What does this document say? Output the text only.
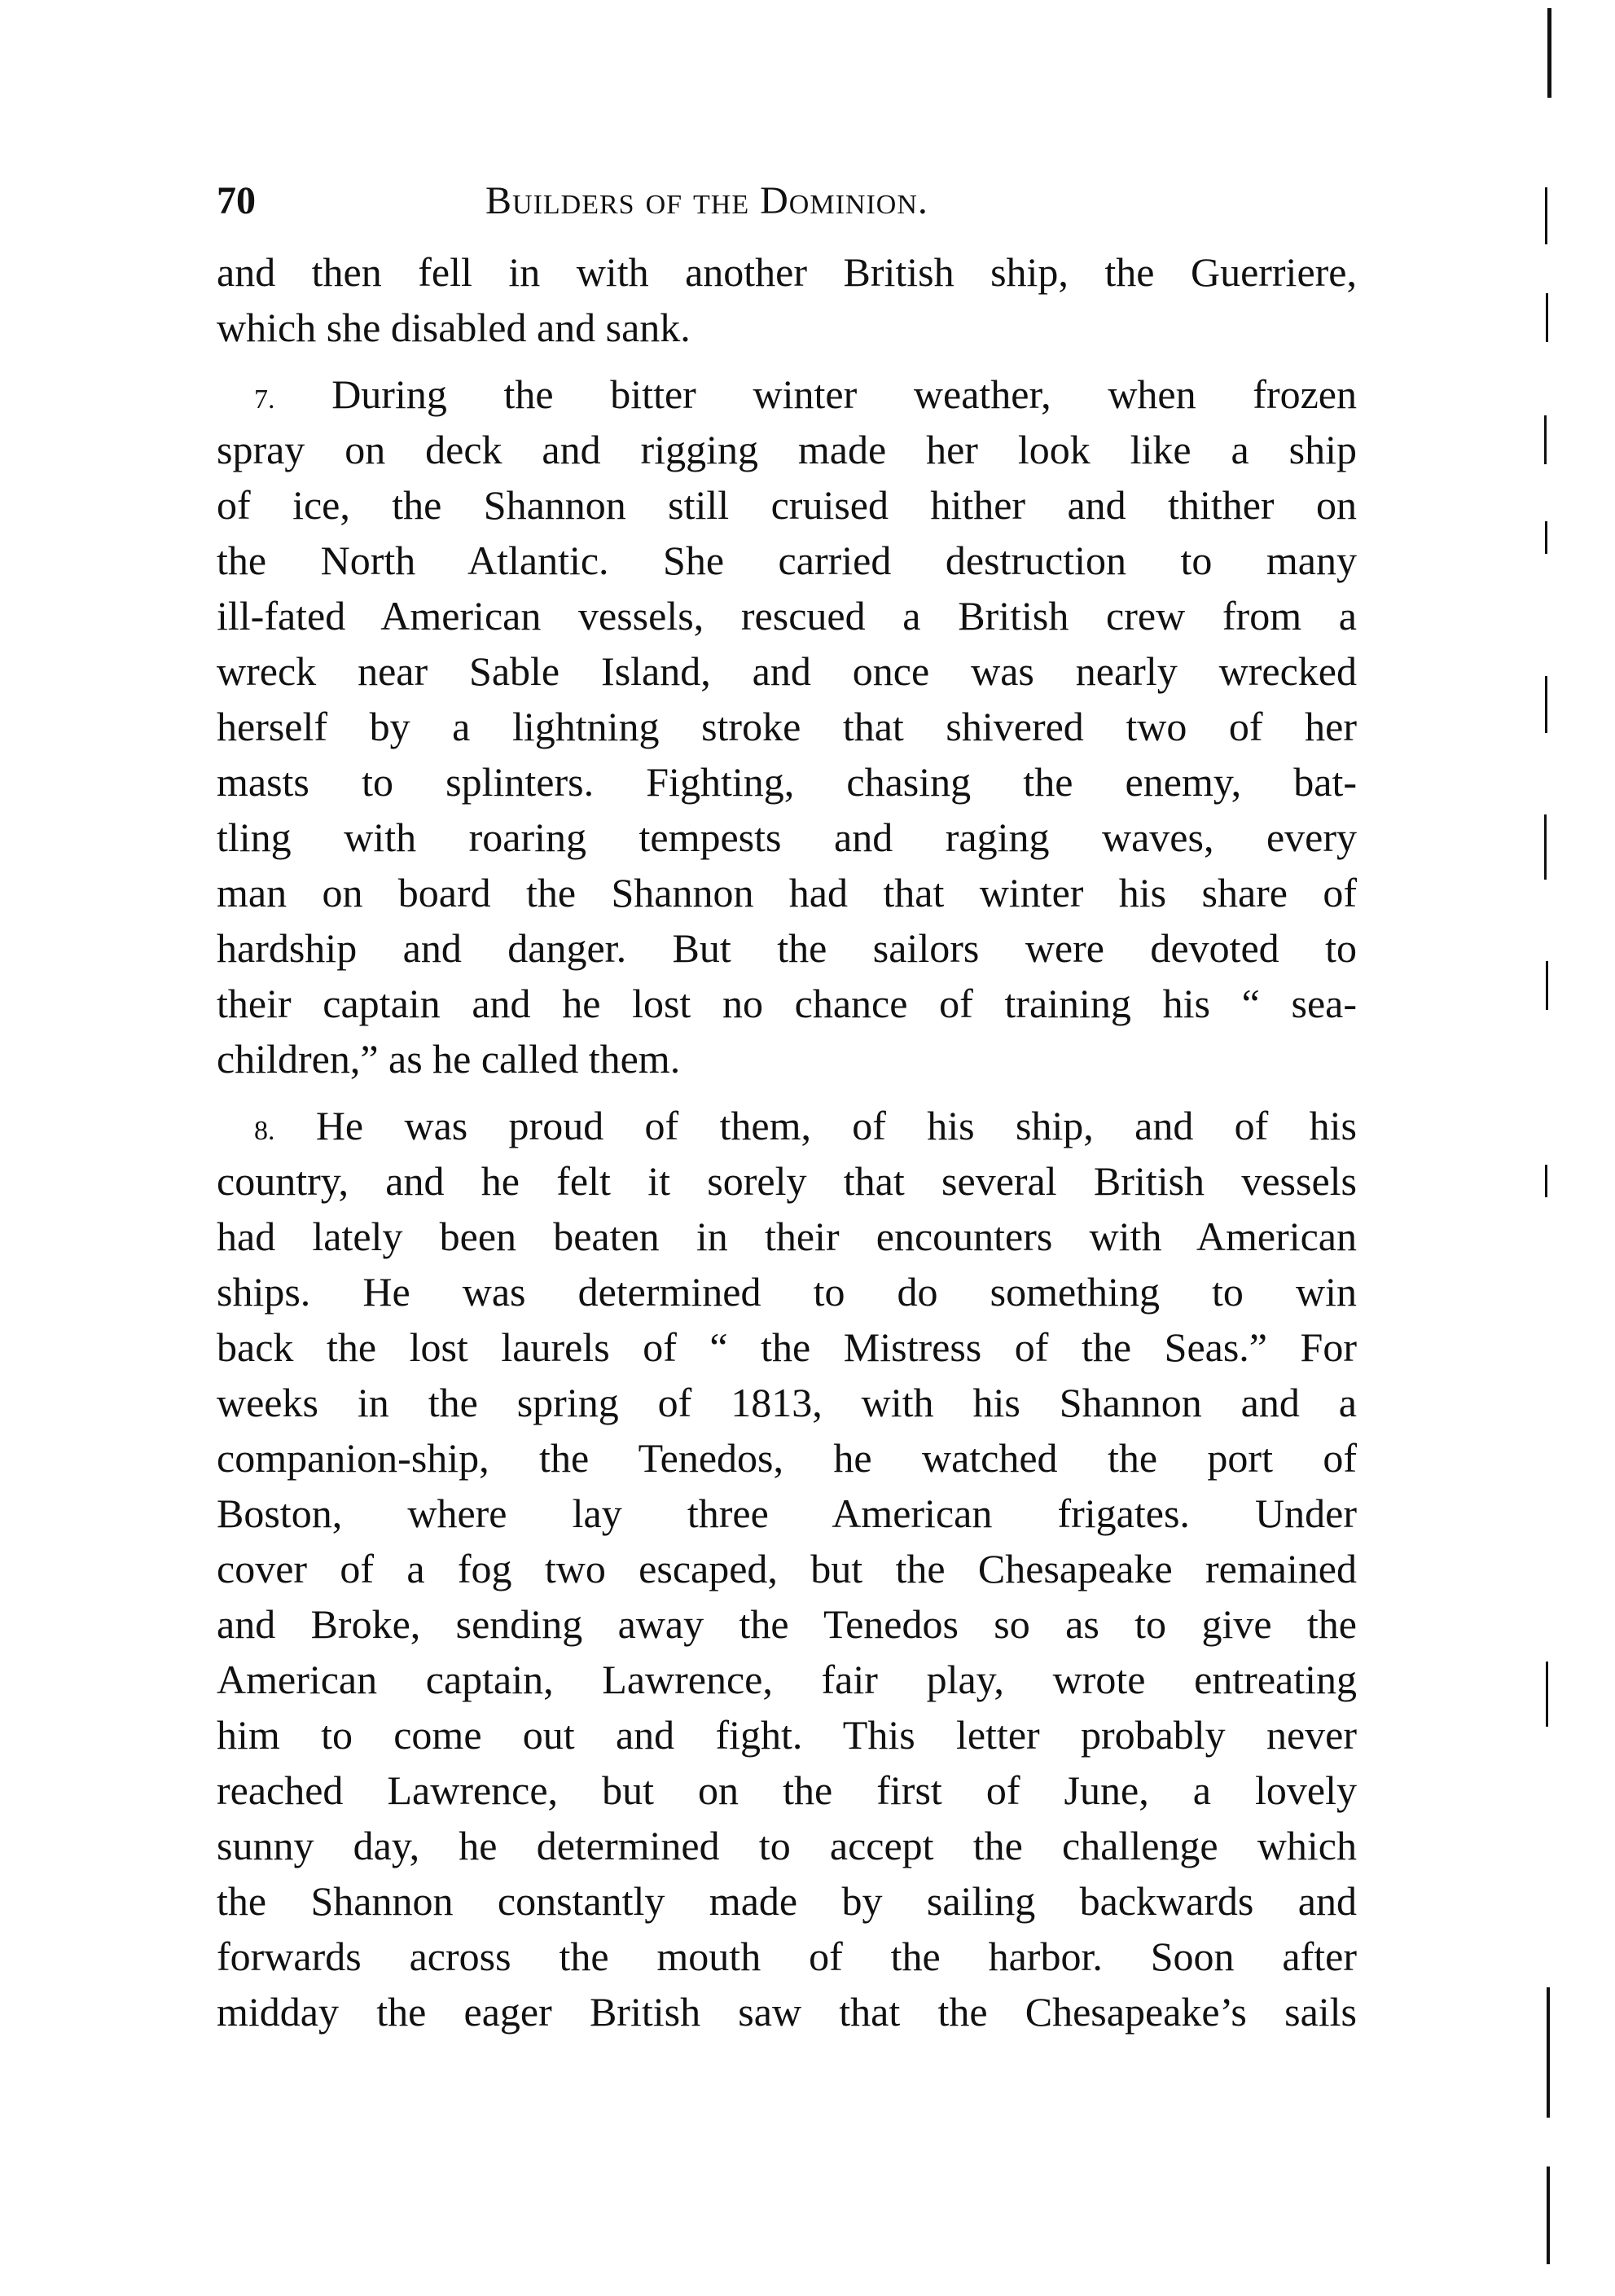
70	Builders of the Dominion.
and then fell in with another British ship, the Guerriere,
which she disabled and sank.
7. During the bitter winter weather, when frozen
spray on deck and rigging made her look like a ship
of ice, the Shannon still cruised hither and thither on
the North Atlantic. She carried destruction to many
ill-fated American vessels, rescued a British crew from a
wreck near Sable Island, and once was nearly wrecked
herself by a lightning stroke that shivered two of her
masts to splinters. Fighting, chasing the enemy, bat-
tling with roaring tempests and raging waves, every
man on board the Shannon had that winter his share of
hardship and danger. But the sailors were devoted to
their captain and he lost no chance of training his “ sea-
children,” as he called them.
8. He was proud of them, of his ship, and of his
country, and he felt it sorely that several British vessels
had lately been beaten in their encounters with American
ships. He was determined to do something to win
back the lost laurels of “ the Mistress of the Seas.” For
weeks in the spring of 1813, with his Shannon and a
companion-ship, the Tenedos, he watched the port of
Boston, where lay three American frigates. Under
cover of a fog two escaped, but the Chesapeake remained
and Broke, sending away the Tenedos so as to give the
American captain, Lawrence, fair play, wrote entreating
him to come out and fight. This letter probably never
reached Lawrence, but on the first of June, a lovely
sunny day, he determined to accept the challenge which
the Shannon constantly made by sailing backwards and
forwards across the mouth of the harbor. Soon after
midday the eager British saw that the Chesapeake’s sails
